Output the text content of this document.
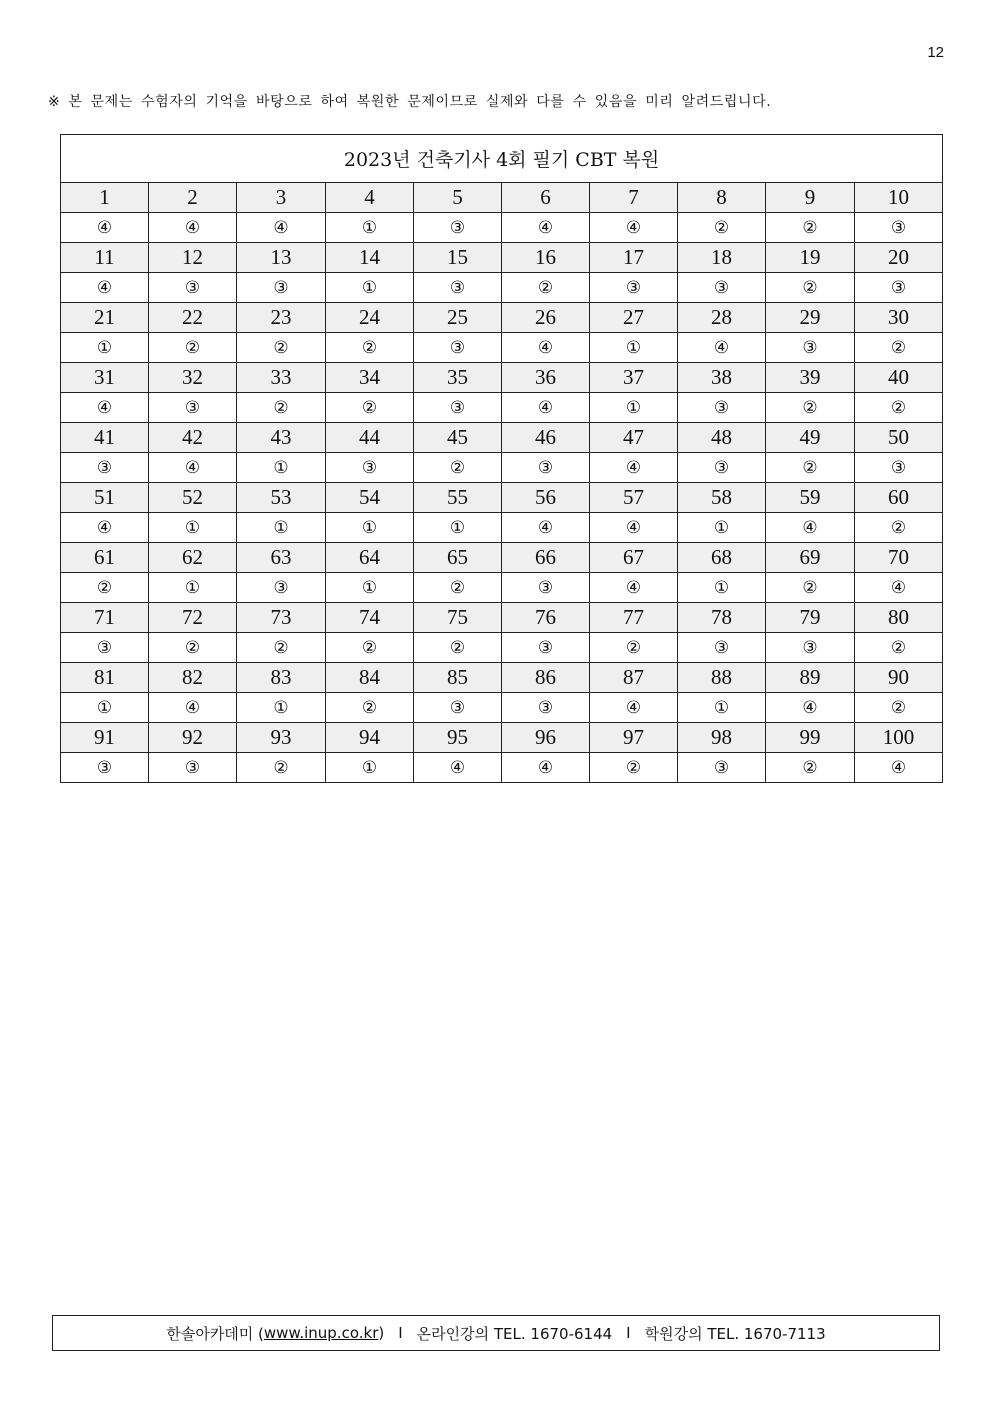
12
※ 본 문제는 수험자의 기억을 바탕으로 하여 복원한 문제이므로 실제와 다를 수 있음을 미리 알려드립니다.
2023년 건축기사 4회 필기 CBT 복원									
1	2	3	4	5	6	7	8	9	10
④	④	④	①	③	④	④	②	②	③
11	12	13	14	15	16	17	18	19	20
④	③	③	①	③	②	③	③	②	③
21	22	23	24	25	26	27	28	29	30
①	②	②	②	③	④	①	④	③	②
31	32	33	34	35	36	37	38	39	40
④	③	②	②	③	④	①	③	②	②
41	42	43	44	45	46	47	48	49	50
③	④	①	③	②	③	④	③	②	③
51	52	53	54	55	56	57	58	59	60
④	①	①	①	①	④	④	①	④	②
61	62	63	64	65	66	67	68	69	70
②	①	③	①	②	③	④	①	②	④
71	72	73	74	75	76	77	78	79	80
③	②	②	②	②	③	②	③	③	②
81	82	83	84	85	86	87	88	89	90
①	④	①	②	③	③	④	①	④	②
91	92	93	94	95	96	97	98	99	100
③	③	②	①	④	④	②	③	②	④
한솔아카데미 ( www.inup.co.kr ) I 온라인강의 TEL. 1670-6144 I 학원강의 TEL. 1670-7113
